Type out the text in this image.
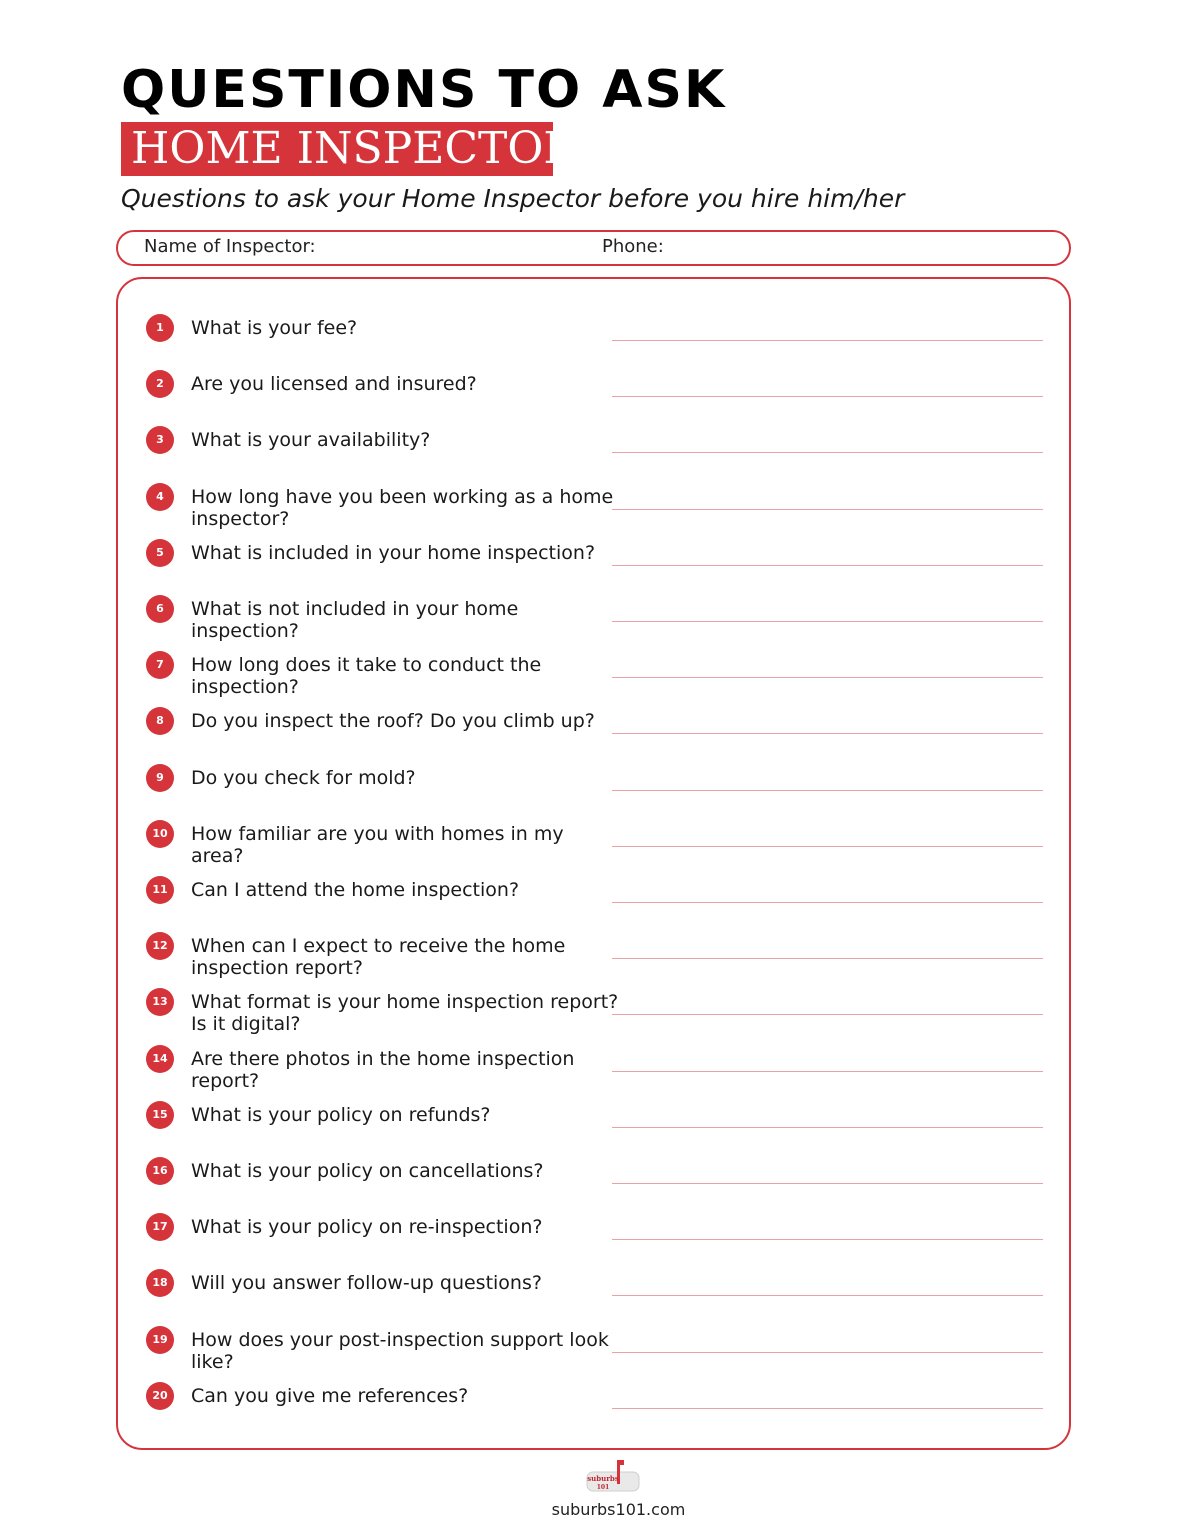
QUESTIONS TO ASK
HOME INSPECTOR
Questions to ask your Home Inspector before you hire him/her
Name of Inspector:	Phone:
1	What is your fee?
2	Are you licensed and insured?
3	What is your availability?
4	How long have you been working as a home inspector?
5	What is included in your home inspection?
6	What is not included in your home inspection?
7	How long does it take to conduct the inspection?
8	Do you inspect the roof? Do you climb up?
9	Do you check for mold?
10	How familiar are you with homes in my area?
11	Can I attend the home inspection?
12	When can I expect to receive the home inspection report?
13	What format is your home inspection report? Is it digital?
14	Are there photos in the home inspection report?
15	What is your policy on refunds?
16	What is your policy on cancellations?
17	What is your policy on re-inspection?
18	Will you answer follow-up questions?
19	How does your post-inspection support look like?
20	Can you give me references?
suburbs
101
suburbs101.com
